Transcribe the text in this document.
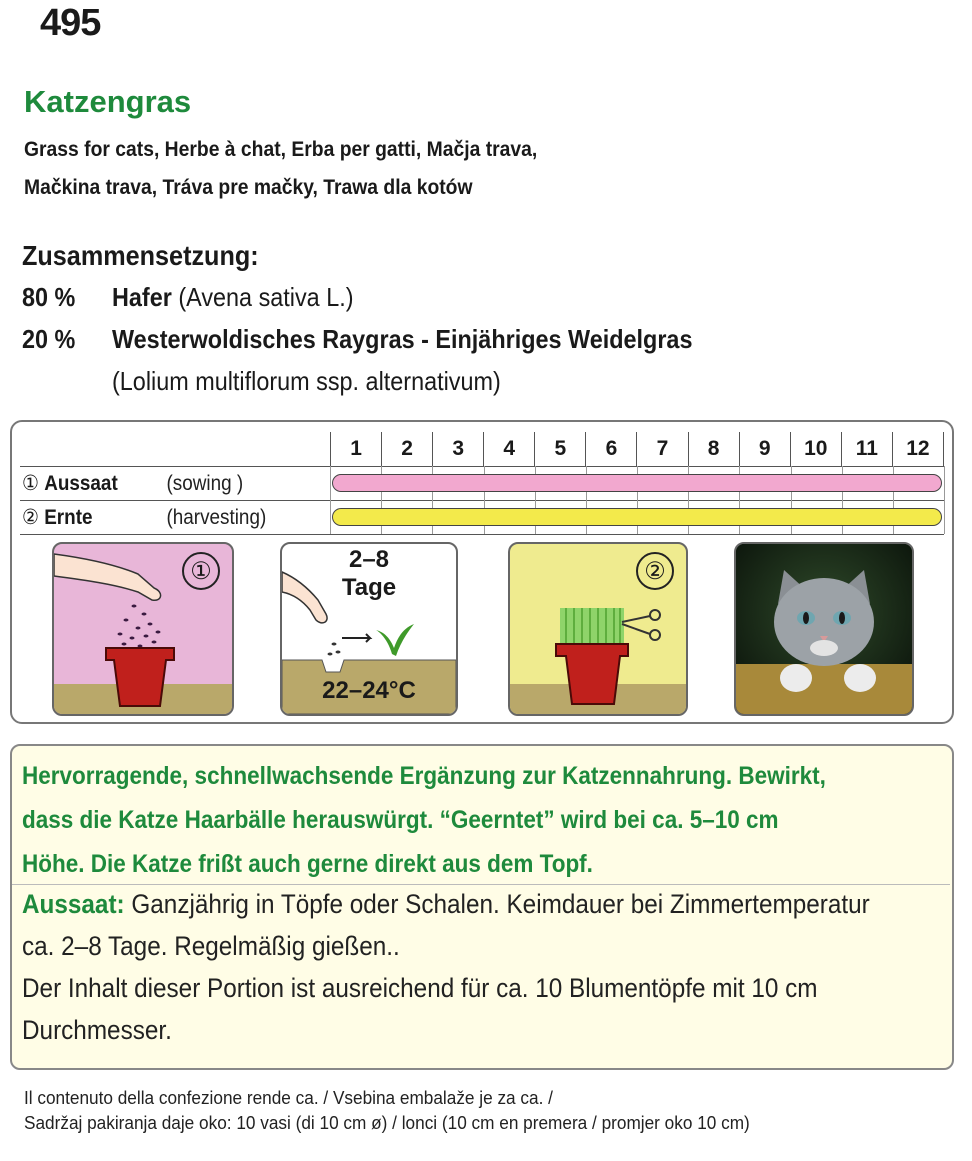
495
Katzengras
Grass for cats, Herbe à chat, Erba per gatti, Mačja trava,
Mačkina trava, Tráva pre mačky, Trawa dla kotów
Zusammensetzung:
80 % Hafer (Avena sativa L.)
20 % Westerwoldisches Raygras - Einjähriges Weidelgras
(Lolium multiflorum ssp. alternativum)
1	2	3	4	5	6	7	8	9	10	11	12
① Aussaat (sowing )
② Ernte	(harvesting)
①	2–8
Tage
22–24°C
②
Hervorragende, schnellwachsende Ergänzung zur Katzennahrung. Bewirkt,
dass die Katze Haarbälle herauswürgt. “Geerntet” wird bei ca. 5–10 cm
Höhe. Die Katze frißt auch gerne direkt aus dem Topf.
Aussaat: Ganzjährig in Töpfe oder Schalen. Keimdauer bei Zimmertemperatur
ca. 2–8 Tage. Regelmäßig gießen..
Der Inhalt dieser Portion ist ausreichend für ca. 10 Blumentöpfe mit 10 cm
Durchmesser.
Il contenuto della confezione rende ca. / Vsebina embalaže je za ca. /
Sadržaj pakiranja daje oko: 10 vasi (di 10 cm ø) / lonci (10 cm en premera / promjer oko 10 cm)
